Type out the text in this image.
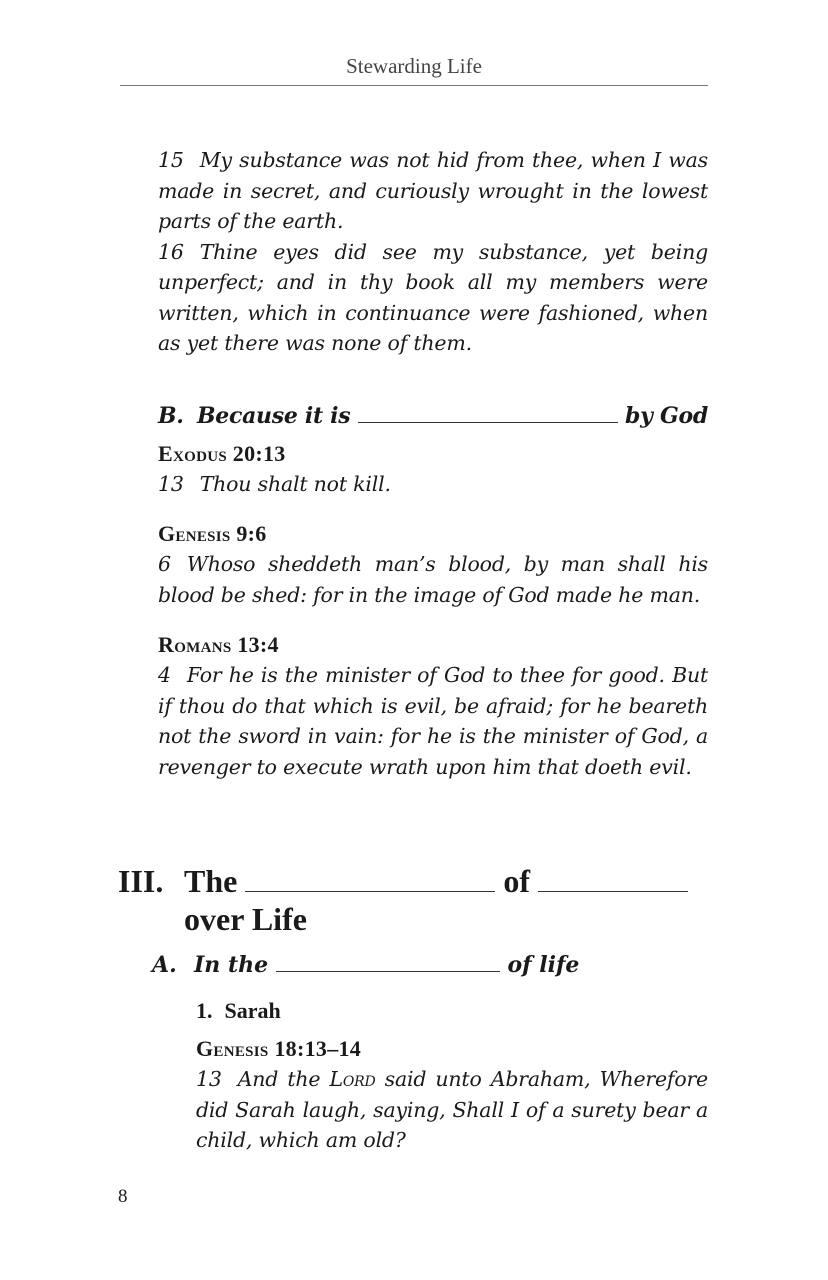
Stewarding Life

15 My substance was not hid from thee, when I was made in secret, and curiously wrought in the lowest parts of the earth.

16 Thine eyes did see my substance, yet being unperfect; and in thy book all my members were written, which in continuance were fashioned, when as yet there was none of them.

B. Because it is	by God

Exodus 20:13

13 Thou shalt not kill.

Genesis 9:6

6 Whoso sheddeth man’s blood, by man shall his blood be shed: for in the image of God made he man.

Romans 13:4

4 For he is the minister of God to thee for good. But if thou do that which is evil, be afraid; for he beareth not the sword in vain: for he is the minister of God, a revenger to execute wrath upon him that doeth evil.

III. The	of
over Life
A. In the	of life
1. Sarah

Genesis 18:13–14

13 And the Lord said unto Abraham, Wherefore did Sarah laugh, saying, Shall I of a surety bear a child, which am old?

8
